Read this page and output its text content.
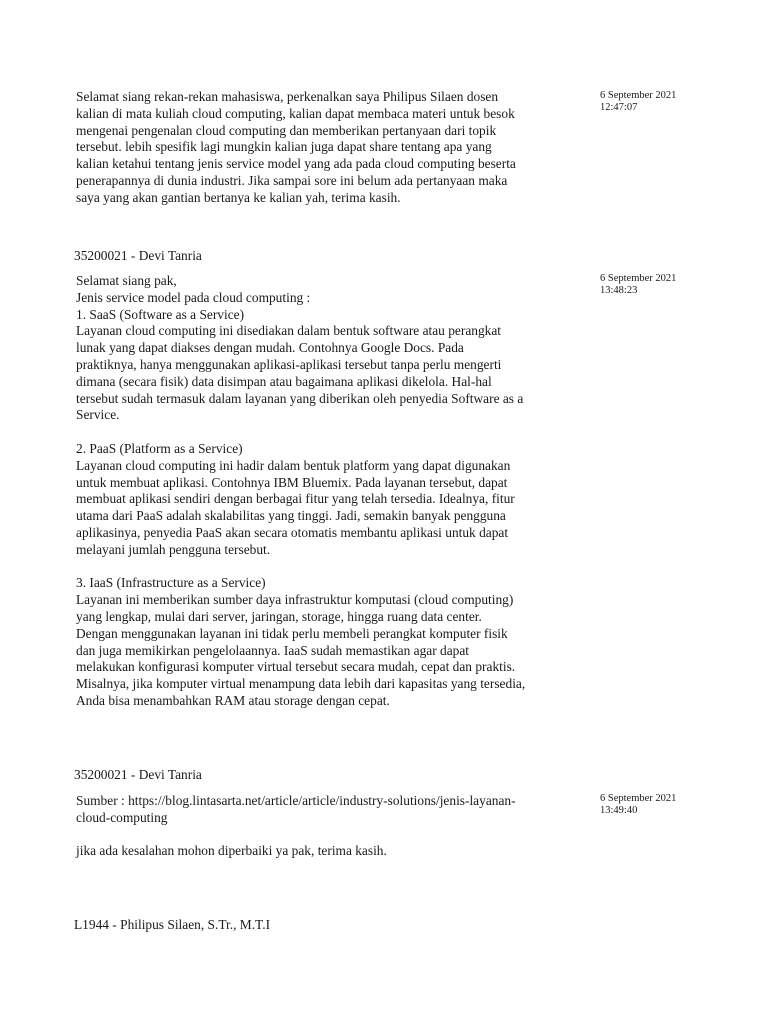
Selamat siang rekan-rekan mahasiswa, perkenalkan saya Philipus Silaen dosen
kalian di mata kuliah cloud computing, kalian dapat membaca materi untuk besok
mengenai pengenalan cloud computing dan memberikan pertanyaan dari topik
tersebut. lebih spesifik lagi mungkin kalian juga dapat share tentang apa yang
kalian ketahui tentang jenis service model yang ada pada cloud computing beserta
penerapannya di dunia industri. Jika sampai sore ini belum ada pertanyaan maka
saya yang akan gantian bertanya ke kalian yah, terima kasih.
6 September 2021
12:47:07
35200021 - Devi Tanria
Selamat siang pak,
Jenis service model pada cloud computing :
1. SaaS (Software as a Service)
Layanan cloud computing ini disediakan dalam bentuk software atau perangkat
lunak yang dapat diakses dengan mudah. Contohnya Google Docs. Pada
praktiknya, hanya menggunakan aplikasi-aplikasi tersebut tanpa perlu mengerti
dimana (secara fisik) data disimpan atau bagaimana aplikasi dikelola. Hal-hal
tersebut sudah termasuk dalam layanan yang diberikan oleh penyedia Software as a
Service.

2. PaaS (Platform as a Service)
Layanan cloud computing ini hadir dalam bentuk platform yang dapat digunakan
untuk membuat aplikasi. Contohnya IBM Bluemix. Pada layanan tersebut, dapat
membuat aplikasi sendiri dengan berbagai fitur yang telah tersedia. Idealnya, fitur
utama dari PaaS adalah skalabilitas yang tinggi. Jadi, semakin banyak pengguna
aplikasinya, penyedia PaaS akan secara otomatis membantu aplikasi untuk dapat
melayani jumlah pengguna tersebut.

3. IaaS (Infrastructure as a Service)
Layanan ini memberikan sumber daya infrastruktur komputasi (cloud computing)
yang lengkap, mulai dari server, jaringan, storage, hingga ruang data center.
Dengan menggunakan layanan ini tidak perlu membeli perangkat komputer fisik
dan juga memikirkan pengelolaannya. IaaS sudah memastikan agar dapat
melakukan konfigurasi komputer virtual tersebut secara mudah, cepat dan praktis.
Misalnya, jika komputer virtual menampung data lebih dari kapasitas yang tersedia,
Anda bisa menambahkan RAM atau storage dengan cepat.
6 September 2021
13:48:23
35200021 - Devi Tanria
Sumber : https://blog.lintasarta.net/article/article/industry-solutions/jenis-layanan-
cloud-computing

jika ada kesalahan mohon diperbaiki ya pak, terima kasih.
6 September 2021
13:49:40
L1944 - Philipus Silaen, S.Tr., M.T.I
